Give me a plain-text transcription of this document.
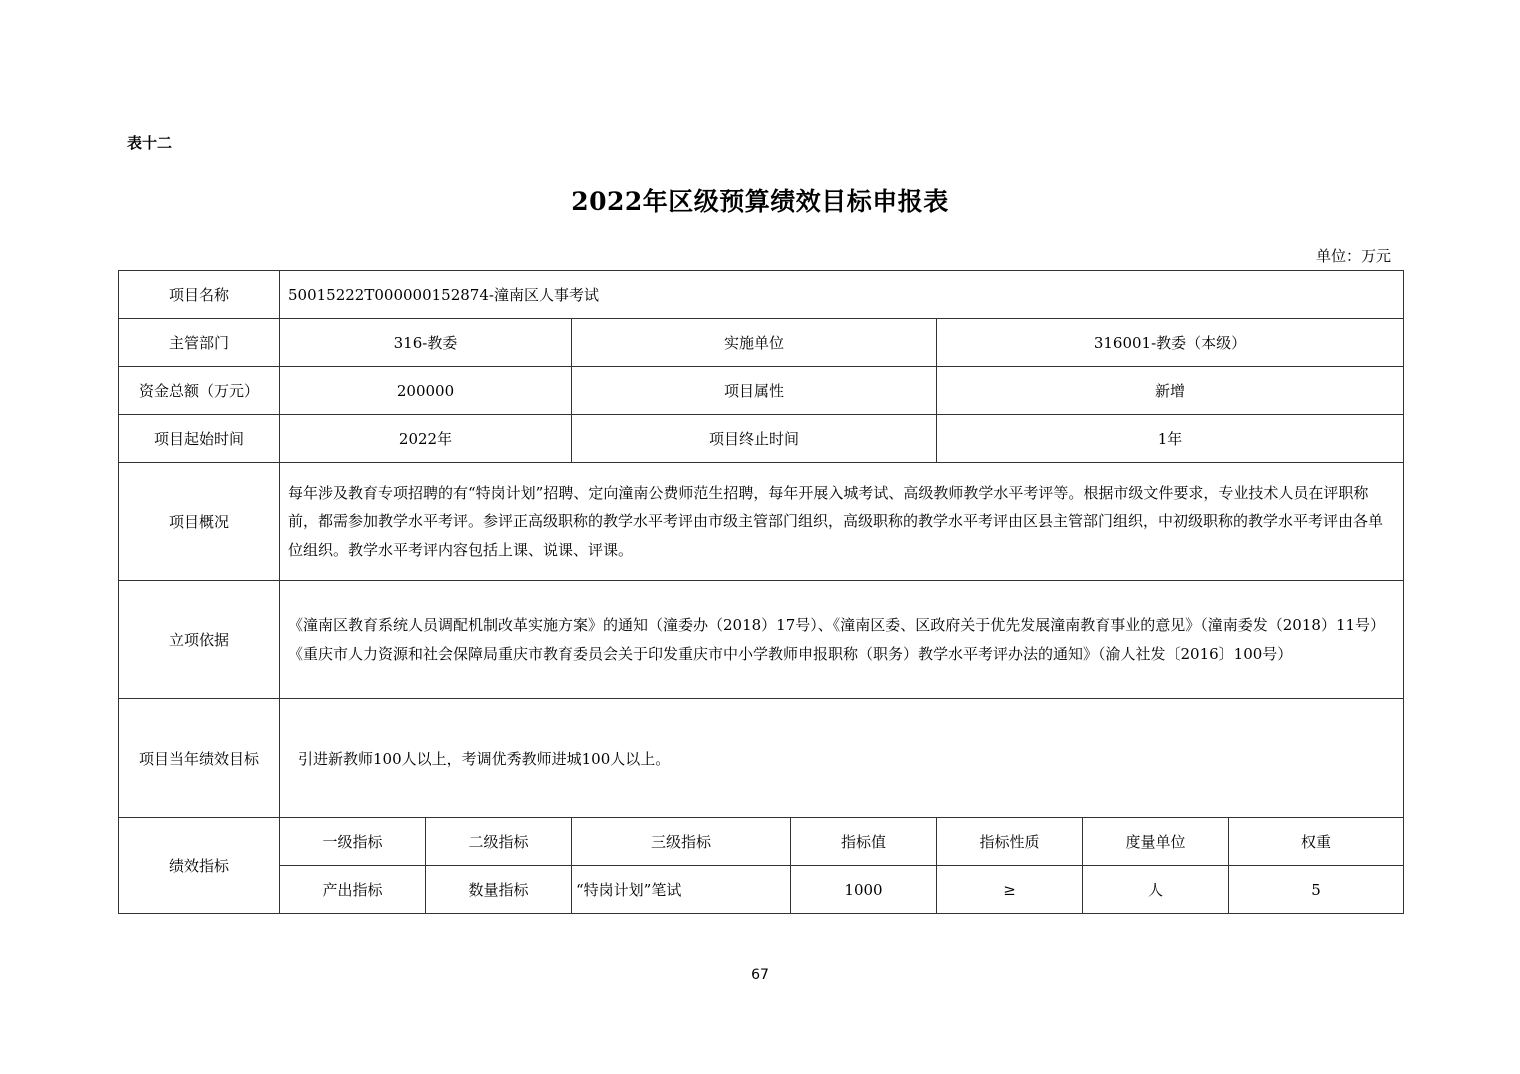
表十二
2022年区级预算绩效目标申报表
单位：万元
项目名称	50015222T000000152874-潼南区人事考试						
主管部门	316-教委		实施单位		316001-教委（本级）		
资金总额（万元）	200000		项目属性		新增		
项目起始时间	2022年		项目终止时间		1年		
项目概况	每年涉及教育专项招聘的有“特岗计划”招聘、定向潼南公费师范生招聘，每年开展入城考试、高级教师教学水平考评等。根据市级文件要求，专业技术人员在评职称前，都需参加教学水平考评。参评正高级职称的教学水平考评由市级主管部门组织，高级职称的教学水平考评由区县主管部门组织，中初级职称的教学水平考评由各单位组织。教学水平考评内容包括上课、说课、评课。						
立项依据	《潼南区教育系统人员调配机制改革实施方案》的通知（潼委办（2018）17号）、《潼南区委、区政府关于优先发展潼南教育事业的意见》（潼南委发（2018）11号） 《重庆市人力资源和社会保障局重庆市教育委员会关于印发重庆市中小学教师申报职称（职务）教学水平考评办法的通知》（渝人社发〔2016〕100号）						
项目当年绩效目标	引进新教师100人以上，考调优秀教师进城100人以上。						
绩效指标	一级指标	二级指标	三级指标	指标值	指标性质	度量单位	权重
	产出指标	数量指标	“特岗计划”笔试	1000	≥	人	5
67
